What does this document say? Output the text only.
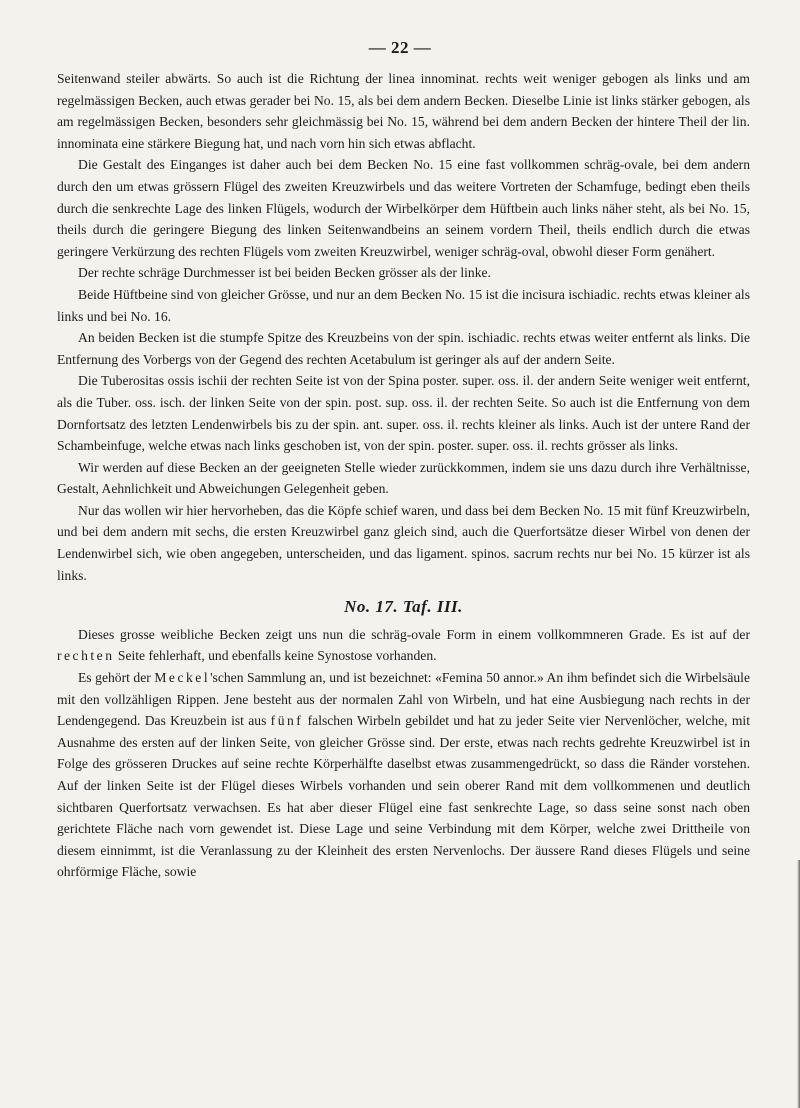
— 22 —

Seitenwand steiler abwärts. So auch ist die Richtung der linea innominat. rechts weit weniger gebogen als links und am regelmässigen Becken, auch etwas gerader bei No. 15, als bei dem andern Becken. Dieselbe Linie ist links stärker gebogen, als am regelmässigen Becken, besonders sehr gleichmässig bei No. 15, während bei dem andern Becken der hintere Theil der lin. innominata eine stärkere Biegung hat, und nach vorn hin sich etwas abflacht.

Die Gestalt des Einganges ist daher auch bei dem Becken No. 15 eine fast vollkommen schräg-ovale, bei dem andern durch den um etwas grössern Flügel des zweiten Kreuzwirbels und das weitere Vortreten der Schamfuge, bedingt eben theils durch die senkrechte Lage des linken Flügels, wodurch der Wirbelkörper dem Hüftbein auch links näher steht, als bei No. 15, theils durch die geringere Biegung des linken Seitenwandbeins an seinem vordern Theil, theils endlich durch die etwas geringere Verkürzung des rechten Flügels vom zweiten Kreuzwirbel, weniger schräg-oval, obwohl dieser Form genähert.

Der rechte schräge Durchmesser ist bei beiden Becken grösser als der linke.

Beide Hüftbeine sind von gleicher Grösse, und nur an dem Becken No. 15 ist die incisura ischiadic. rechts etwas kleiner als links und bei No. 16.

An beiden Becken ist die stumpfe Spitze des Kreuzbeins von der spin. ischiadic. rechts etwas weiter entfernt als links. Die Entfernung des Vorbergs von der Gegend des rechten Acetabulum ist geringer als auf der andern Seite.

Die Tuberositas ossis ischii der rechten Seite ist von der Spina poster. super. oss. il. der andern Seite weniger weit entfernt, als die Tuber. oss. isch. der linken Seite von der spin. post. sup. oss. il. der rechten Seite. So auch ist die Entfernung von dem Dornfortsatz des letzten Lendenwirbels bis zu der spin. ant. super. oss. il. rechts kleiner als links. Auch ist der untere Rand der Schambeinfuge, welche etwas nach links geschoben ist, von der spin. poster. super. oss. il. rechts grösser als links.

Wir werden auf diese Becken an der geeigneten Stelle wieder zurückkommen, indem sie uns dazu durch ihre Verhältnisse, Gestalt, Aehnlichkeit und Abweichungen Gelegenheit geben.

Nur das wollen wir hier hervorheben, das die Köpfe schief waren, und dass bei dem Becken No. 15 mit fünf Kreuzwirbeln, und bei dem andern mit sechs, die ersten Kreuzwirbel ganz gleich sind, auch die Querfortsätze dieser Wirbel von denen der Lendenwirbel sich, wie oben angegeben, unterscheiden, und das ligament. spinos. sacrum rechts nur bei No. 15 kürzer ist als links.

No. 17. Taf. III.

Dieses grosse weibliche Becken zeigt uns nun die schräg-ovale Form in einem vollkommneren Grade. Es ist auf der rechten Seite fehlerhaft, und ebenfalls keine Synostose vorhanden.

Es gehört der Meckel'schen Sammlung an, und ist bezeichnet: «Femina 50 annor.» An ihm befindet sich die Wirbelsäule mit den vollzähligen Rippen. Jene besteht aus der normalen Zahl von Wirbeln, und hat eine Ausbiegung nach rechts in der Lendengegend. Das Kreuzbein ist aus fünf falschen Wirbeln gebildet und hat zu jeder Seite vier Nervenlöcher, welche, mit Ausnahme des ersten auf der linken Seite, von gleicher Grösse sind. Der erste, etwas nach rechts gedrehte Kreuzwirbel ist in Folge des grösseren Druckes auf seine rechte Körperhälfte daselbst etwas zusammengedrückt, so dass die Ränder vorstehen. Auf der linken Seite ist der Flügel dieses Wirbels vorhanden und sein oberer Rand mit dem vollkommenen und deutlich sichtbaren Querfortsatz verwachsen. Es hat aber dieser Flügel eine fast senkrechte Lage, so dass seine sonst nach oben gerichtete Fläche nach vorn gewendet ist. Diese Lage und seine Verbindung mit dem Körper, welche zwei Drittheile von diesem einnimmt, ist die Veranlassung zu der Kleinheit des ersten Nervenlochs. Der äussere Rand dieses Flügels und seine ohrförmige Fläche, sowie
